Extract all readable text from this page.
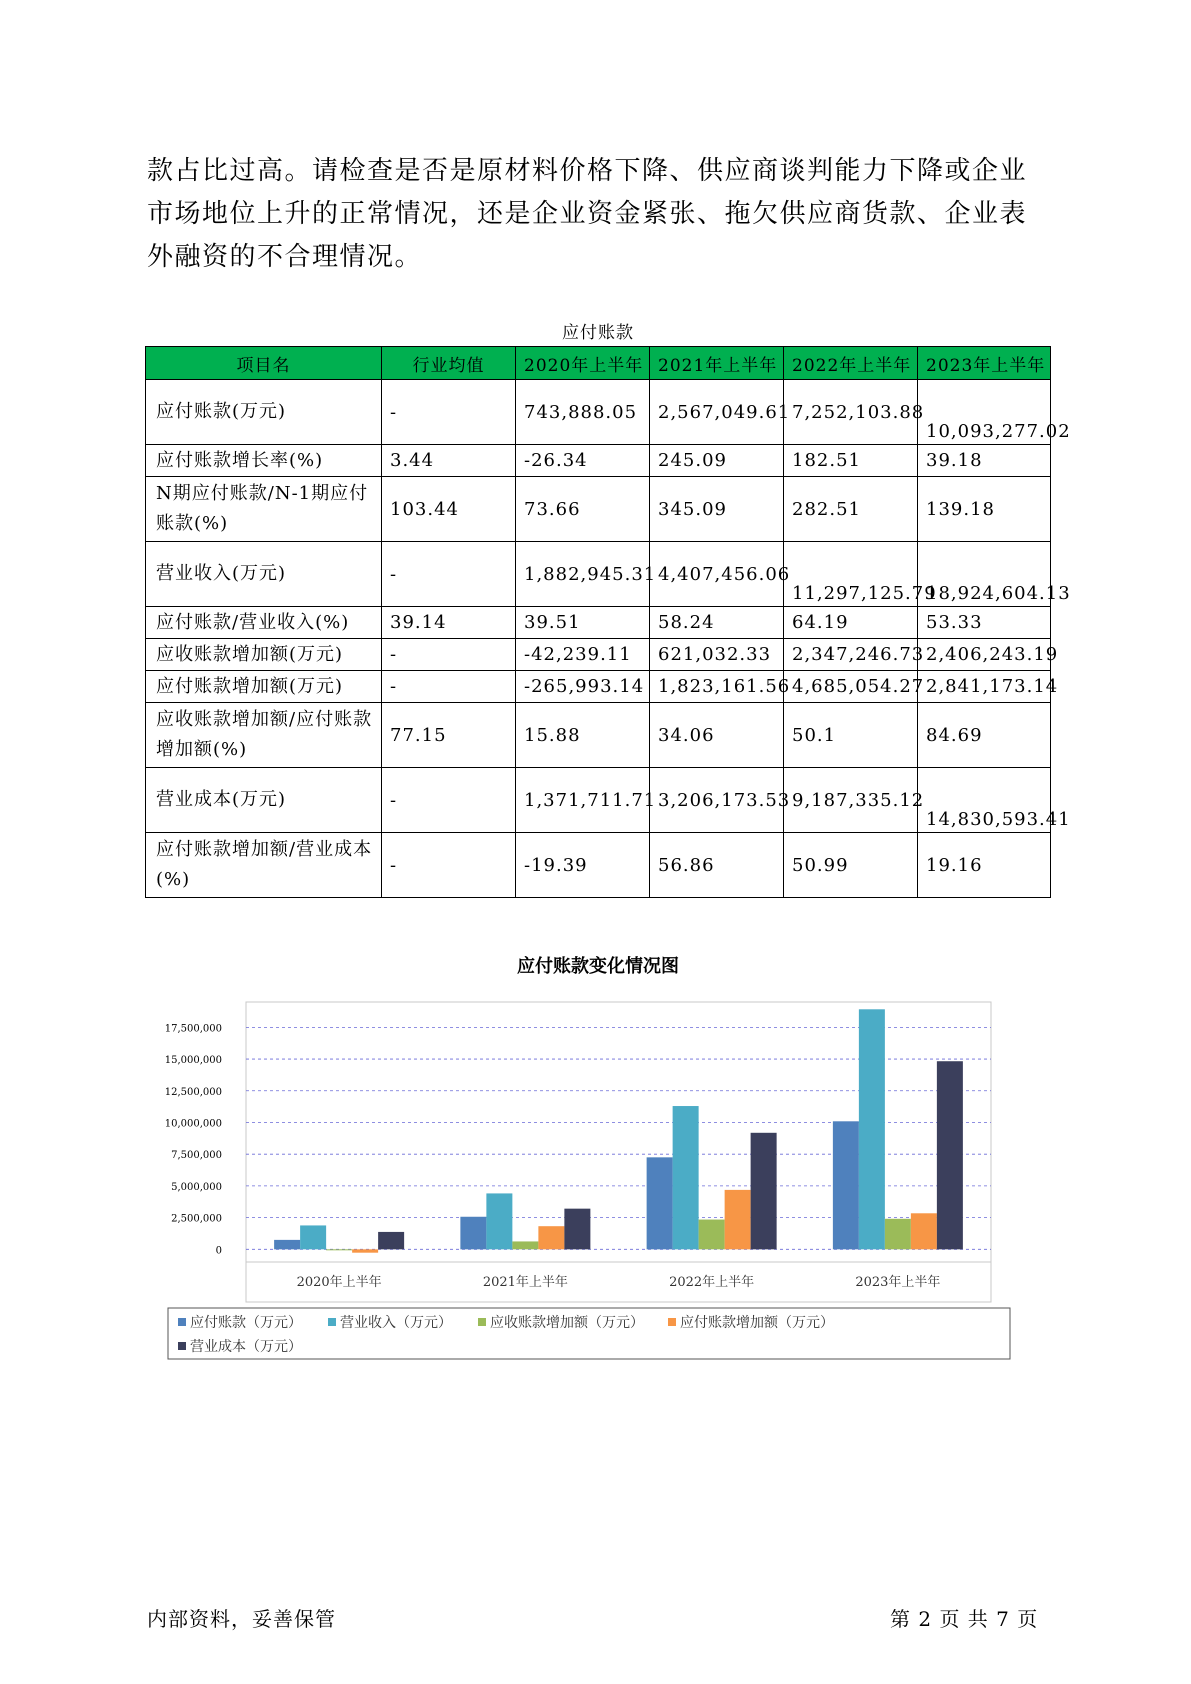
款占比过高。请检查是否是原材料价格下降、供应商谈判能力下降或企业
市场地位上升的正常情况，还是企业资金紧张、拖欠供应商货款、企业表
外融资的不合理情况。
应付账款
项目名	行业均值	2020年上半年	2021年上半年	2022年上半年	2023年上半年
应付账款(万元)	-	743,888.05	2,567,049.61	7,252,103.88	10,093,277.02
应付账款增长率(%)	3.44	-26.34	245.09	182.51	39.18
N期应付账款/N-1期应付账款(%)	103.44	73.66	345.09	282.51	139.18
营业收入(万元)	-	1,882,945.31	4,407,456.06	11,297,125.79	18,924,604.13
应付账款/营业收入(%)	39.14	39.51	58.24	64.19	53.33
应收账款增加额(万元)	-	-42,239.11	621,032.33	2,347,246.73	2,406,243.19
应付账款增加额(万元)	-	-265,993.14	1,823,161.56	4,685,054.27	2,841,173.14
应收账款增加额/应付账款增加额(%)	77.15	15.88	34.06	50.1	84.69
营业成本(万元)	-	1,371,711.71	3,206,173.53	9,187,335.12	14,830,593.41
应付账款增加额/营业成本(%)	-	-19.39	56.86	50.99	19.16
应付账款变化情况图
0
2,500,000
5,000,000
7,500,000
10,000,000
12,500,000
15,000,000
17,500,000
2020年上半年	2021年上半年	2022年上半年	2023年上半年
应付账款（万元）	营业收入（万元）	应收账款增加额（万元）	应付账款增加额（万元）
营业成本（万元）
内部资料，妥善保管	第 2 页 共 7 页
